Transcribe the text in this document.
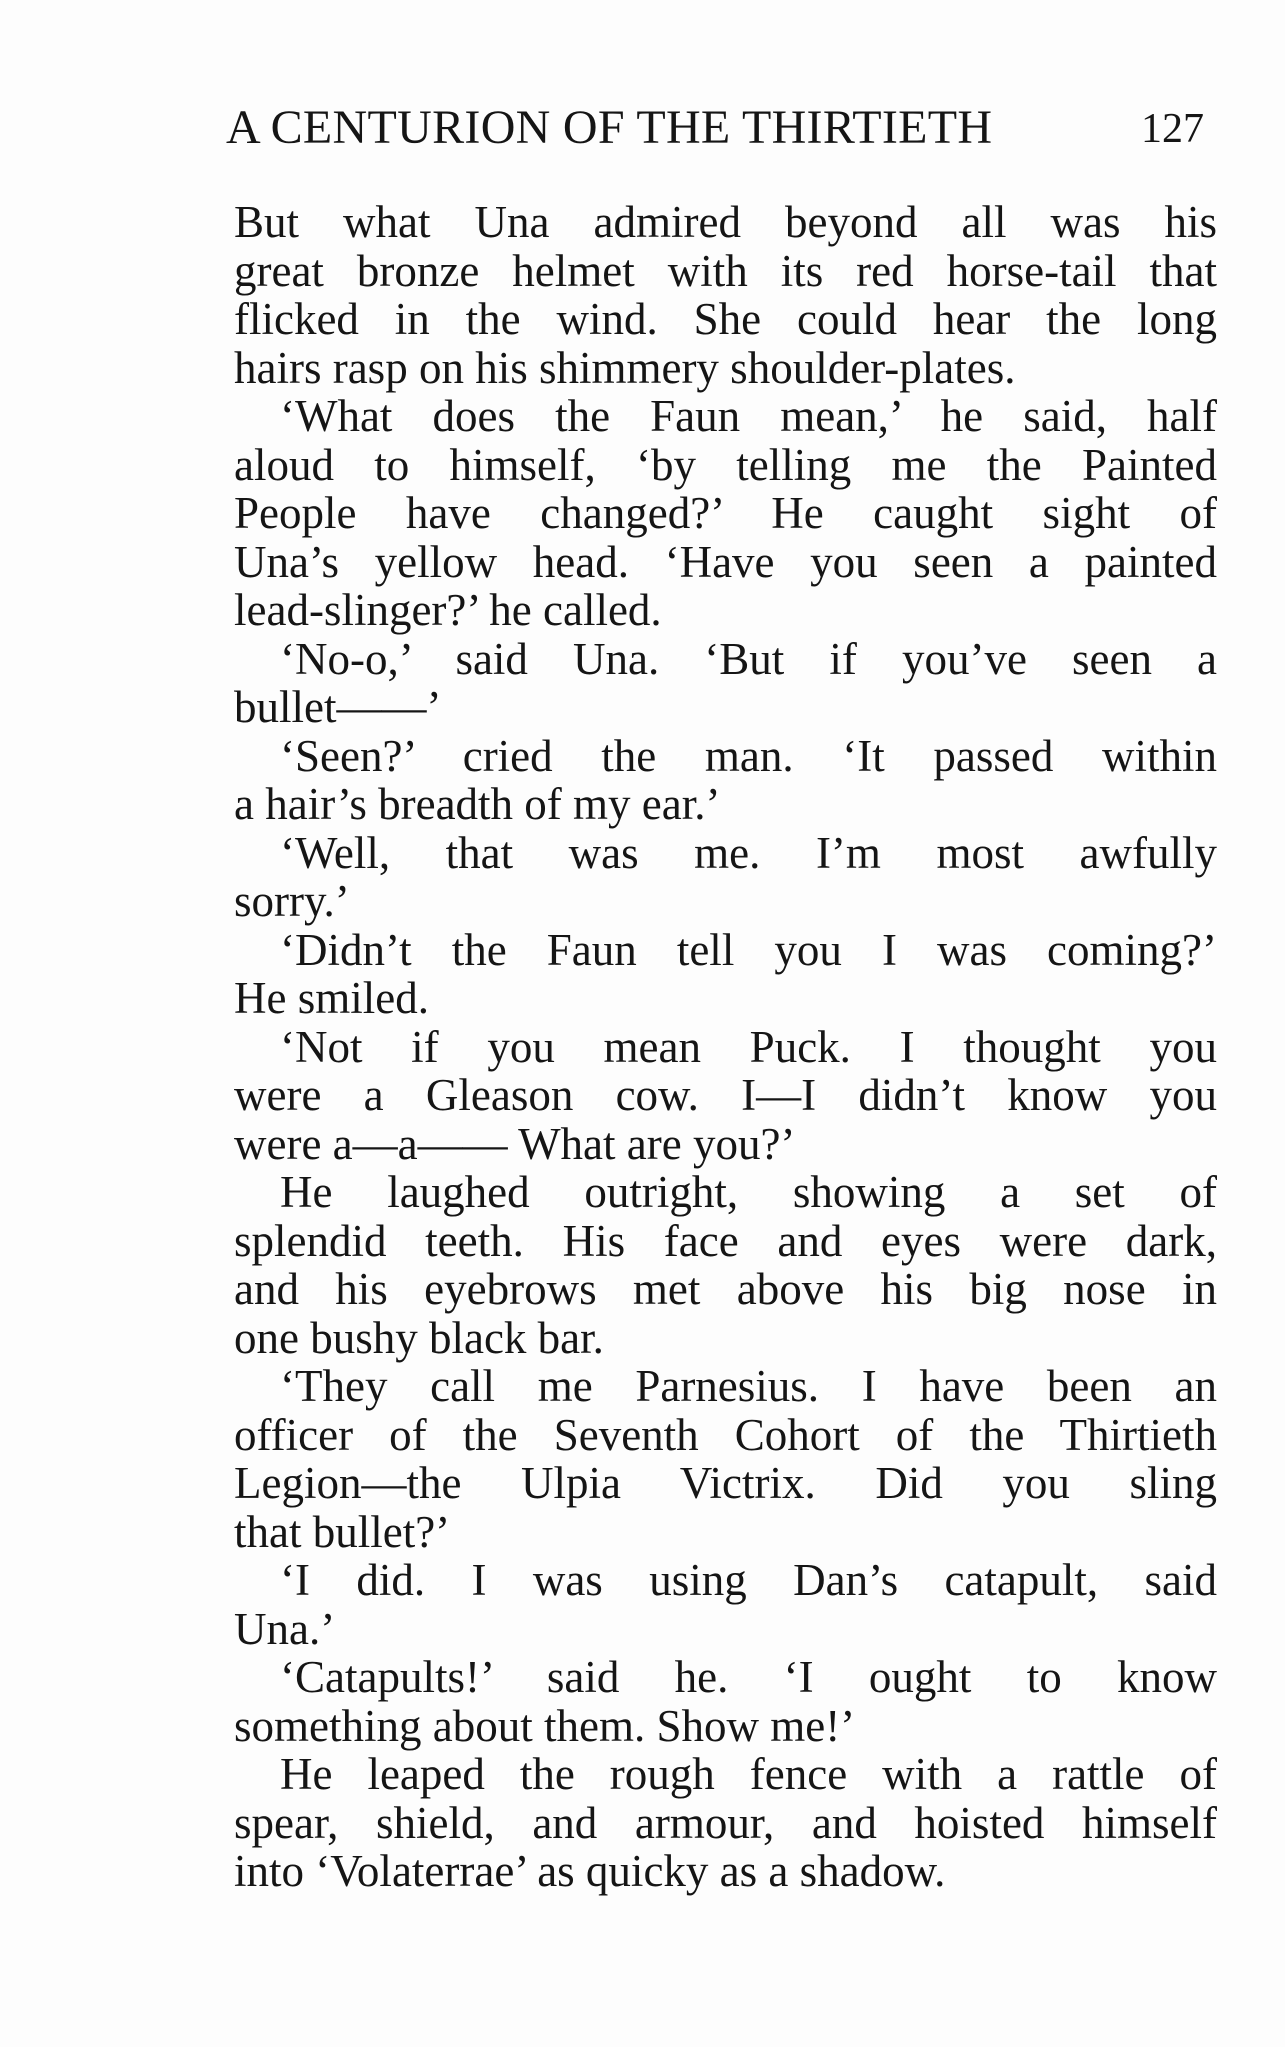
A CENTURION OF THE THIRTIETH	127
But what Una admired beyond all was his
great bronze helmet with its red horse-tail that
flicked in the wind. She could hear the long
hairs rasp on his shimmery shoulder-plates.
‘What does the Faun mean,’ he said, half
aloud to himself, ‘by telling me the Painted
People have changed?’ He caught sight of
Una’s yellow head. ‘Have you seen a painted
lead-slinger?’ he called.
‘No-o,’ said Una. ‘But if you’ve seen a
bullet——’
‘Seen?’ cried the man. ‘It passed within
a hair’s breadth of my ear.’
‘Well, that was me. I’m most awfully
sorry.’
‘Didn’t the Faun tell you I was coming?’
He smiled.
‘Not if you mean Puck. I thought you
were a Gleason cow. I—I didn’t know you
were a—a—— What are you?’
He laughed outright, showing a set of
splendid teeth. His face and eyes were dark,
and his eyebrows met above his big nose in
one bushy black bar.
‘They call me Parnesius. I have been an
officer of the Seventh Cohort of the Thirtieth
Legion—the Ulpia Victrix. Did you sling
that bullet?’
‘I did. I was using Dan’s catapult, said
Una.’
‘Catapults!’ said he. ‘I ought to know
something about them. Show me!’
He leaped the rough fence with a rattle of
spear, shield, and armour, and hoisted himself
into ‘Volaterrae’ as quicky as a shadow.
